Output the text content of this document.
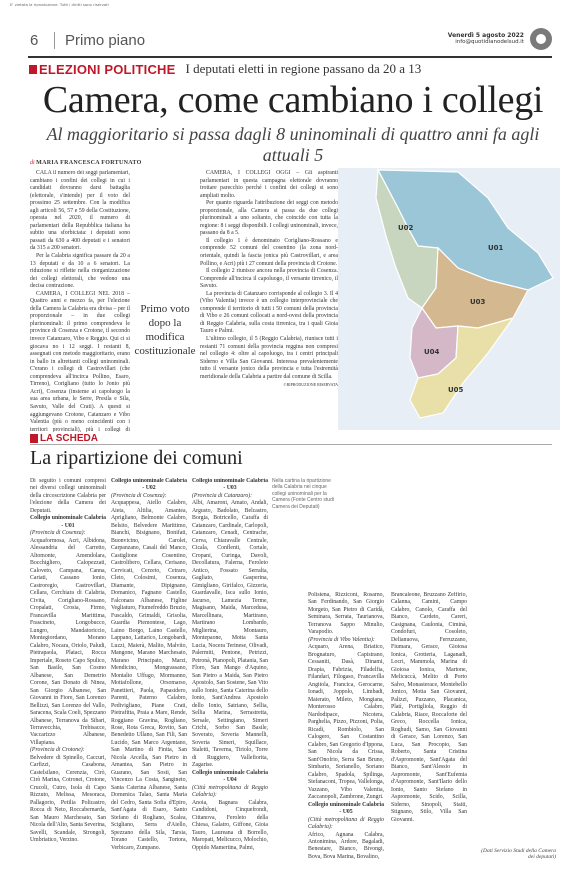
E' vietata la riproduzione. Tutti i diritti sono riservati
6	Primo piano	Venerdì 5 agosto 2022
info@quotidianodelsud.it
ELEZIONI POLITICHE I deputati eletti in regione passano da 20 a 13
Camera, come cambiano i collegi
Al maggioritario si passa dagli 8 uninominali di quattro anni fa agli attuali 5
di MARIA FRANCESCA FORTUNATO

CALA il numero dei seggi parlamentari, cambiano i confini dei collegi in cui i candidati dovranno darsi battaglia (elettorale, s'intende) per il voto del prossimo 25 settembre. Con la modifica agli articoli 56, 57 e 59 della Costituzione, operata nel 2020, il numero di parlamentari della Repubblica italiana ha subito una sforbiciata: i deputati sono passati da 630 a 400 deputati e i senatori da 315 a 200 senatori.

Per la Calabria significa passare da 20 a 13 deputati e da 10 a 6 senatori. La riduzione si riflette nella riorganizzazione dei collegi elettorali, che vedono una decisa contrazione.

CAMERA, I COLLEGI NEL 2018 – Quattro anni e mezzo fa, per l'elezione della Camera la Calabria era divisa – per il proporzionale – in due collegi plurinominali: il primo comprendeva le province di Cosenza e Crotone, il secondo invece Catanzaro, Vibo e Reggio. Qui ci si giocava no i 12 seggi. I restanti 8, assegnati con metodo maggioritario, erano in ballo in altrettanti collegi uninominali. C'erano i collegi di Castrovillari (che comprendeva all'incirca Pollino, Esaro, Tirreno), Corigliano (tutto lo Jonio più Acri), Cosenza (insieme ai capoluogo la sua area urbana, le Serre, Presila e Sila, Savuto, Valle del Crati). A questi si aggiungevano Crotone, Catanzaro e Vibo Valentia (più o meno coincidenti con i territori provinciali), più i collegi di

Primo voto dopo la modifica costituzionale

CAMERA, I COLLEGI OGGI – Gli aspiranti parlamentari in questa campagna elettorale dovranno trottare parecchio perché i confini dei collegi si sono ampliati molto.

Per quanto riguarda l'attribuzione dei seggi con metodo proporzionale, alla Camera si passa da due collegi plurinominali a uno soltanto, che coincide con tutta la regione: 8 i seggi disponibili. I collegi uninominali, invece, passano da 8 a 5.

Il collegio 1 è denominato Corigliano-Rossano e comprende 52 comuni del cosentino (la zona nord-orientale, quindi la fascia jonica più Castrovillari, e area Pollino, e Acri) più i 27 comuni della provincia di Crotone.

Il collegio 2 riunisce ancora nella provincia di Cosenza. Comprende all'incirca il capoluogo, il versante tirrenico, il Savuto.

La provincia di Catanzaro corrisponde al collegio 3. Il 4 (Vibo Valentia) invece è un collegio interprovinciale che comprende il territorio di tutti i 50 comuni della provincia di Vibo e 26 comuni collocati a nord-ovest della provincia di Reggio Calabria, sulla costa tirrenica, tra i quali Gioia Tauro e Palmi.

L'ultimo collegio, il 5 (Reggio Calabria), riunisce tutti i restanti 71 comuni della provincia reggina non compresi nel collegio 4: oltre al capoluogo, tra i centri principali Siderno e Villa San Giovanni. Interessa prevalentemente tutto il versante jonico della provincia e tutta l'estremità meridionale della Calabria a partire dal comune di Scilla.

©RIPRODUZIONE RISERVATA

U01
U02
U03
U04
U05
LA SCHEDA
La ripartizione dei comuni
Di seguito i comuni compresi nei diversi collegi uninominali della circoscrizione Calabria per l'elezione della Camera dei Deputati.
Collegio uninominale Calabria - U01
(Provincia di Cosenza):
Acquaformosa, Acri, Albidona, Alessandria del Carretto, Altomonte, Amendolara, Bocchigliero, Calopezzati, Caloveto, Campana, Canna, Cariati, Cassano Ionio, Castroregio, Castrovillari, Cellara, Cerchiara di Calabria, Civita, Corigliano-Rossano, Cropalati, Crosia, Firmo, Francavilla Marittima, Frascineto, Longobucco, Lungro, Mandatoriccio, Montegiordano, Morano Calabro, Nocara, Oriolo, Paludi, Pietrapaola, Plataci, Rocca Imperiale, Roseto Capo Spulico, San Basile, San Cosmo Albanese, San Demetrio Corone, San Donato di Ninea, San Giorgio Albanese, San Giovanni in Fiore, San Lorenzo Bellizzi, San Lorenzo del Vallo, Saracena, Scala Coeli, Spezzano Albanese, Terranova da Sibari, Terravecchia, Trebisacce, Vaccarizzo Albanese, Villapiana.
(Provincia di Crotone):
Belvedere di Spinello, Caccuri, Carfizzi, Casabona, Castelsilano, Cerenzia, Cirò, Cirò Marina, Cotronei, Crotone, Crucoli, Cutro, Isola di Capo Rizzuto, Melissa, Mesoraca, Pallagorio, Petilia Policastro, Rocca di Neto, Roccabernarda, San Mauro Marchesato, San Nicola dell'Alto, Santa Severina, Savelli, Scandale, Strongoli, Umbriatico, Verzino.
Collegio uninominale Calabria - U02
(Provincia di Cosenza):
Acquappesa, Aiello Calabro, Aieta, Altilia, Amantea, Aprigliano, Belmonte Calabro, Belsito, Belvedere Marittimo, Bianchi, Bisignano, Bonifati, Buonvicino, Carolei, Carpanzano, Casali del Manco, Castiglione Cosentino, Castrolibero, Cellara, Cerisano, Cervicati, Cerzeto, Cetraro, Cleto, Colosimi, Cosenza, Diamante, Dipignano, Domanico, Fagnano Castello, Falconara Albanese, Figline Vegliaturo, Fiumefreddo Bruzio, Fuscaldo, Grimaldi, Grisolia, Guardia Piemontese, Lago, Laino Borgo, Laino Castello, Lappano, Lattarico, Longobardi, Luzzi, Maierà, Malito, Malvito, Mangone, Marano Marchesato, Marano Principato, Marzi, Mendicino, Mongrassano, Montalto Uffugo, Mormanno, Mottafollone, Orsomarso, Panettieri, Paola, Papasidero, Parenti, Paterno Calabro, Pedivigliano, Piane Crati, Pietrafitta, Praia a Mare, Rende, Roggiano Gravina, Rogliano, Rose, Rota Greca, Rovito, San Benedetto Ullano, San Fili, San Lucido, San Marco Argentano, San Martino di Finita, San Nicola Arcella, San Pietro in Amantea, San Pietro in Guarano, San Sosti, San Vincenzo La Costa, Sangineto, Santa Caterina Albanese, Santa Domenica Talao, Santa Maria del Cedro, Santa Sofia d'Epiro, Sant'Agata di Esaro, Santo Stefano di Rogliano, Scalea, Scigliano, Serra d'Aiello, Spezzano della Sila, Tarsia, Torano Castello, Tortora, Verbicaro, Zumpano.
Collegio uninominale Calabria - U03
(Provincia di Catanzaro):
Albi, Amaroni, Amato, Andali, Argusto, Badolato, Belcastro, Borgia, Botricello, Caraffa di Catanzaro, Cardinale, Carlopoli, Catanzaro, Cenadi, Centrache, Cerva, Chiaravalle Centrale, Cicala, Conflenti, Cortale, Cropani, Curinga, Davoli, Decollatura, Falerna, Feroleto Antico, Fossato Serralta, Gagliato, Gasperina, Gimigliano, Girifalco, Gizzeria, Guardavalle, Isca sullo Ionio, Jacurso, Lamezia Terme, Magisano, Maida, Marcedusa, Marcellinara, Martirano, Martirano Lombardo, Miglierina, Montauro, Montepaone, Motta Santa Lucia, Nocera Terinese, Olivadi, Palermiti, Pentone, Petrizzi, Petronà, Pianopoli, Platania, San Floro, San Mango d'Aquino, San Pietro a Maida, San Pietro Apostolo, San Sostene, San Vito sullo Ionio, Santa Caterina dello Ionio, Sant'Andrea Apostolo dello Ionio, Satriano, Sellia, Sellia Marina, Serrastretta, Sersale, Settingiano, Simeri Crichi, Sorbo San Basile, Soverato, Soveria Mannelli, Soveria Simeri, Squillace, Staletti, Taverna, Tiriolo, Torre di Ruggiero, Vallefiorita, Zagarise.
Collegio uninominale Calabria - U04
(Città metropolitana di Reggio Calabria):
Anoia, Bagnara Calabra, Candidoni, Cinquefrondi, Cittanova, Feroleto della Chiesa, Galatro, Giffone, Gioia Tauro, Laureana di Borrello, Maropati, Melicucco, Molochio, Oppido Mamertina, Palmi,
Nella cartina la ripartizione della Calabria nei cinque collegi uninominali per la Camera (Fonte Centro studi Camera dei Deputati)
Polistena, Rizziconi, Rosarno, San Ferdinando, San Giorgio Morgeto, San Pietro di Caridà, Seminara, Serrata, Taurianova, Terranova Sappo Minulio, Varapodio.
(Provincia di Vibo Valentia):
Acquaro, Arena, Briatico, Brognaturo, Capistrano, Cessaniti, Dasà, Dinami, Drapia, Fabrizia, Filadelfia, Filandari, Filogaso, Francavilla Angitola, Francica, Gerocarne, Ionadi, Joppolo, Limbadi, Maierato, Mileto, Mongiana, Monterosso Calabro, Nardodipace, Nicotera, Parghelia, Pizzo, Pizzoni, Polia, Ricadi, Rombiolo, San Calogero, San Costantino Calabro, San Gregorio d'Ippona, San Nicola da Crissa, Sant'Onofrio, Serra San Bruno, Simbario, Sorianello, Soriano Calabro, Spadola, Spilinga, Stefanaconi, Tropea, Vallelonga, Vazzano, Vibo Valentia, Zaccanopoli, Zambrone, Zungri.
Collegio uninominale Calabria - U05
(Città metropolitana di Reggio Calabria):
Africo, Agnana Calabra, Antonimina, Ardore, Bagaladi, Benestare, Bianco, Bivongi, Bova, Bova Marina, Bovalino,
Brancaleone, Bruzzano Zeffirio, Calanna, Camini, Campo Calabro, Canolo, Caraffa del Bianco, Cardeto, Careri, Casignana, Caulonia, Ciminà, Condofuri, Cosoleto, Delianuova, Ferruzzano, Fiumara, Gerace, Gioiosa Ionica, Grotteria, Laganadi, Locri, Mammola, Marina di Gioiosa Ionica, Martone, Melicuccà, Melito di Porto Salvo, Monasterace, Montebello Jonico, Motta San Giovanni, Palizzi, Pazzano, Placanica, Platì, Portigliola, Reggio di Calabria, Riace, Roccaforte del Greco, Roccella Ionica, Roghudi, Samo, San Giovanni di Gerace, San Lorenzo, San Luca, San Procopio, San Roberto, Santa Cristina d'Aspromonte, Sant'Agata del Bianco, Sant'Alessio in Aspromonte, Sant'Eufemia d'Aspromonte, Sant'Ilario dello Ionio, Santo Stefano in Aspromonte, Scido, Scilla, Siderno, Sinopoli, Staiti, Stignano, Stilo, Villa San Giovanni.
(Dati Servizio Studi della Camera dei deputati)
